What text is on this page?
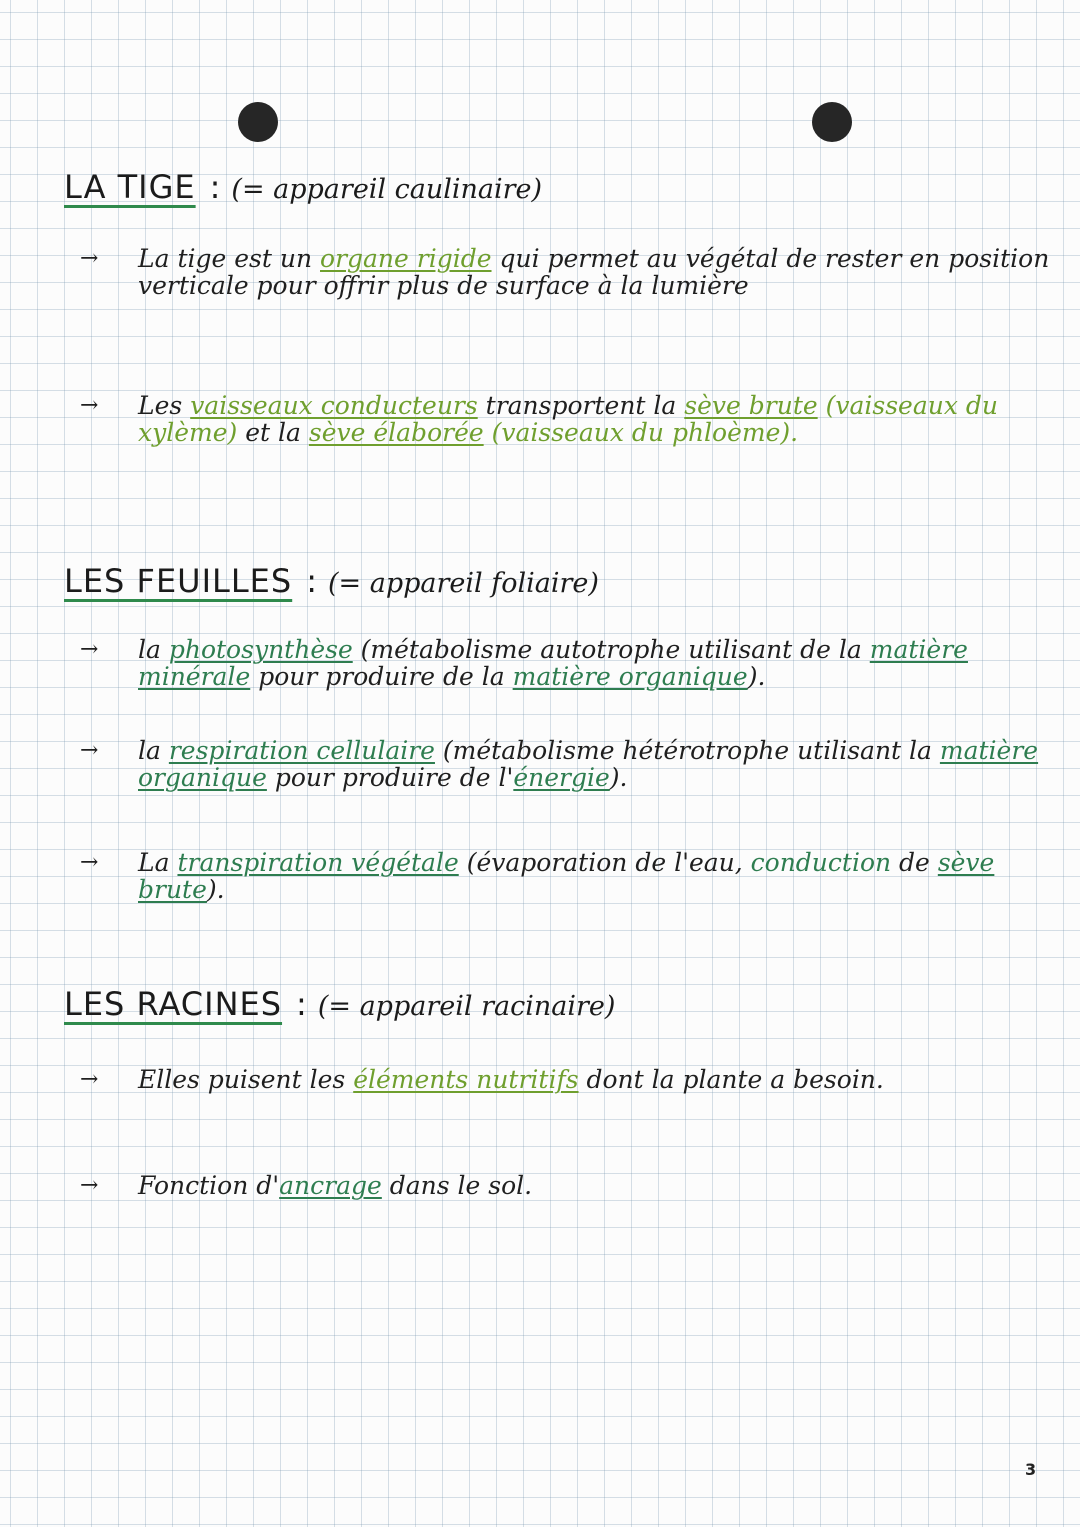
LA TIGE : (= appareil caulinaire)
→ La tige est un organe rigide qui permet au végétal de rester en position verticale pour offrir plus de surface à la lumière
→ Les vaisseaux conducteurs transportent la sève brute (vaisseaux du xylème) et la sève élaborée (vaisseaux du phloème).
LES FEUILLES : (= appareil foliaire)
→ la photosynthèse (métabolisme autotrophe utilisant de la matière minérale pour produire de la matière organique).
→ la respiration cellulaire (métabolisme hétérotrophe utilisant la matière organique pour produire de l'énergie).
→ La transpiration végétale (évaporation de l'eau, conduction de sève brute).
LES RACINES : (= appareil racinaire)
→ Elles puisent les éléments nutritifs dont la plante a besoin.
→ Fonction d'ancrage dans le sol.
3
